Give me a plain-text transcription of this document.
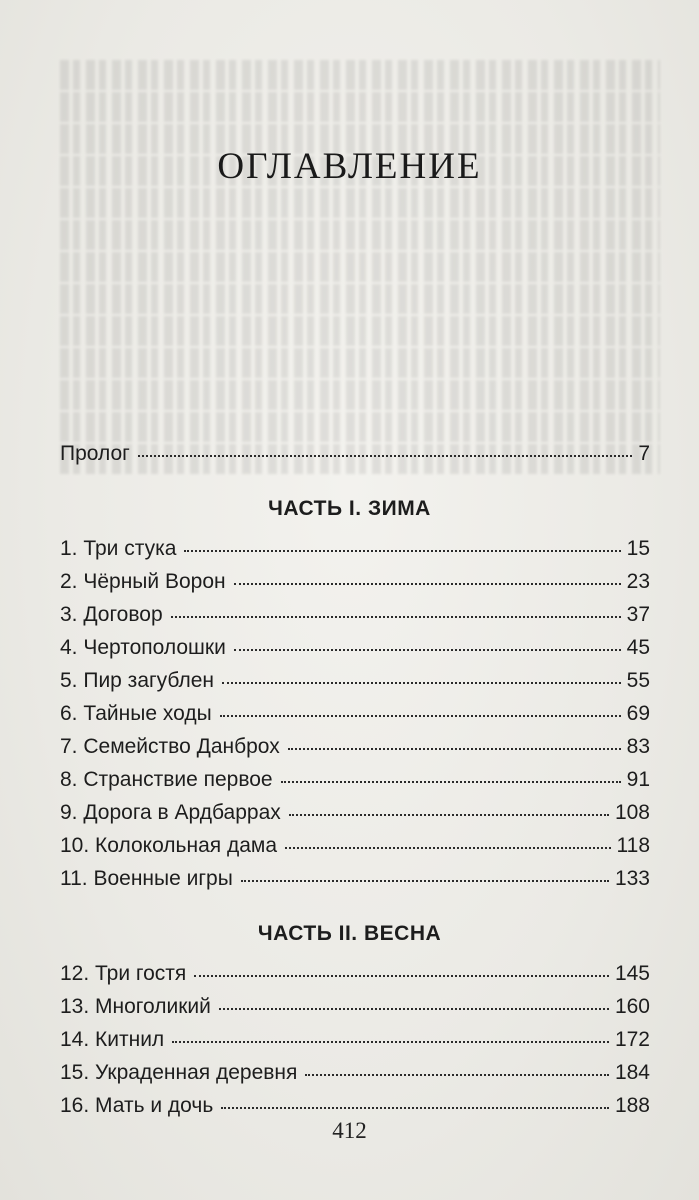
ОГЛАВЛЕНИЕ
Пролог	7
ЧАСТЬ I. ЗИМА
1. Три стука	15
2. Чёрный Ворон	23
3. Договор	37
4. Чертополошки	45
5. Пир загублен	55
6. Тайные ходы	69
7. Семейство Данброх	83
8. Странствие первое	91
9. Дорога в Ардбаррах	108
10. Колокольная дама	118
11. Военные игры	133
ЧАСТЬ II. ВЕСНА
12. Три гостя	145
13. Многоликий	160
14. Китнил	172
15. Украденная деревня	184
16. Мать и дочь	188
412
